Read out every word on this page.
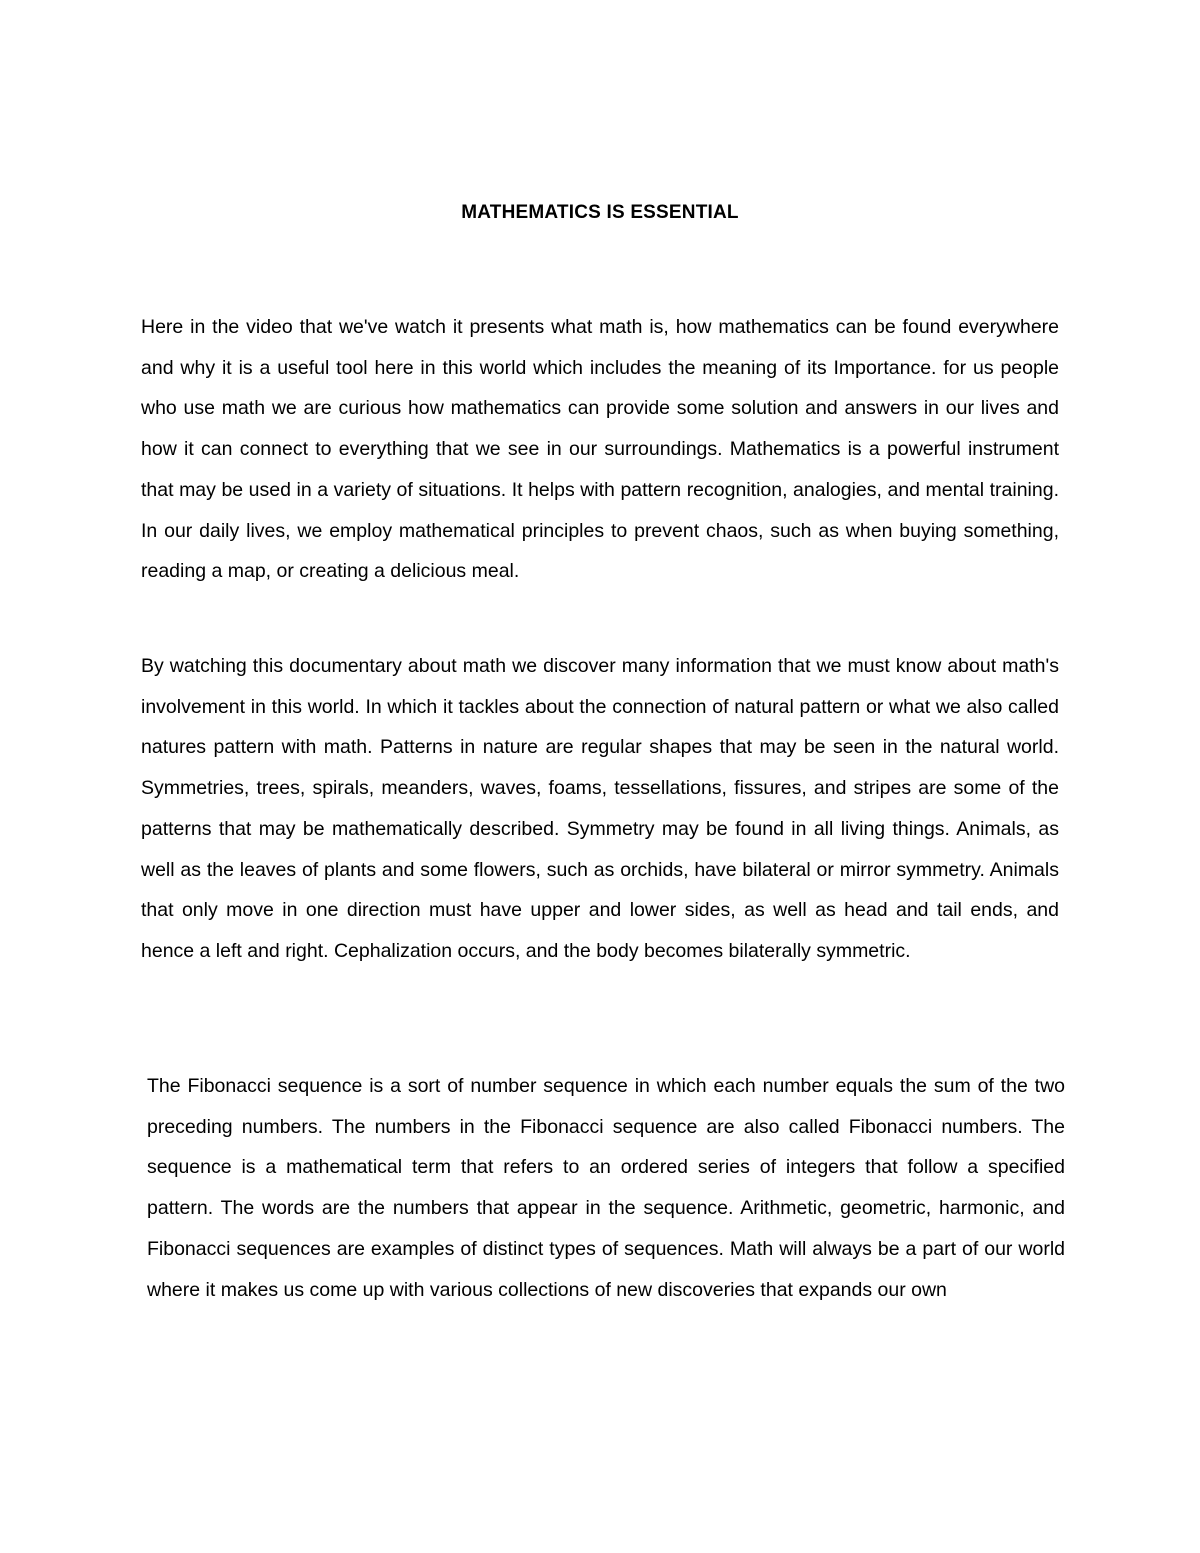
MATHEMATICS IS ESSENTIAL

Here in the video that we've watch it presents what math is, how mathematics can be found everywhere and why it is a useful tool here in this world which includes the meaning of its Importance. for us people who use math we are curious how mathematics can provide some solution and answers in our lives and how it can connect to everything that we see in our surroundings. Mathematics is a powerful instrument that may be used in a variety of situations. It helps with pattern recognition, analogies, and mental training. In our daily lives, we employ mathematical principles to prevent chaos, such as when buying something, reading a map, or creating a delicious meal.

By watching this documentary about math we discover many information that we must know about math's involvement in this world. In which it tackles about the connection of natural pattern or what we also called natures pattern with math. Patterns in nature are regular shapes that may be seen in the natural world. Symmetries, trees, spirals, meanders, waves, foams, tessellations, fissures, and stripes are some of the patterns that may be mathematically described. Symmetry may be found in all living things. Animals, as well as the leaves of plants and some flowers, such as orchids, have bilateral or mirror symmetry. Animals that only move in one direction must have upper and lower sides, as well as head and tail ends, and hence a left and right. Cephalization occurs, and the body becomes bilaterally symmetric.

The Fibonacci sequence is a sort of number sequence in which each number equals the sum of the two preceding numbers. The numbers in the Fibonacci sequence are also called Fibonacci numbers. The sequence is a mathematical term that refers to an ordered series of integers that follow a specified pattern. The words are the numbers that appear in the sequence. Arithmetic, geometric, harmonic, and Fibonacci sequences are examples of distinct types of sequences. Math will always be a part of our world where it makes us come up with various collections of new discoveries that expands our own
